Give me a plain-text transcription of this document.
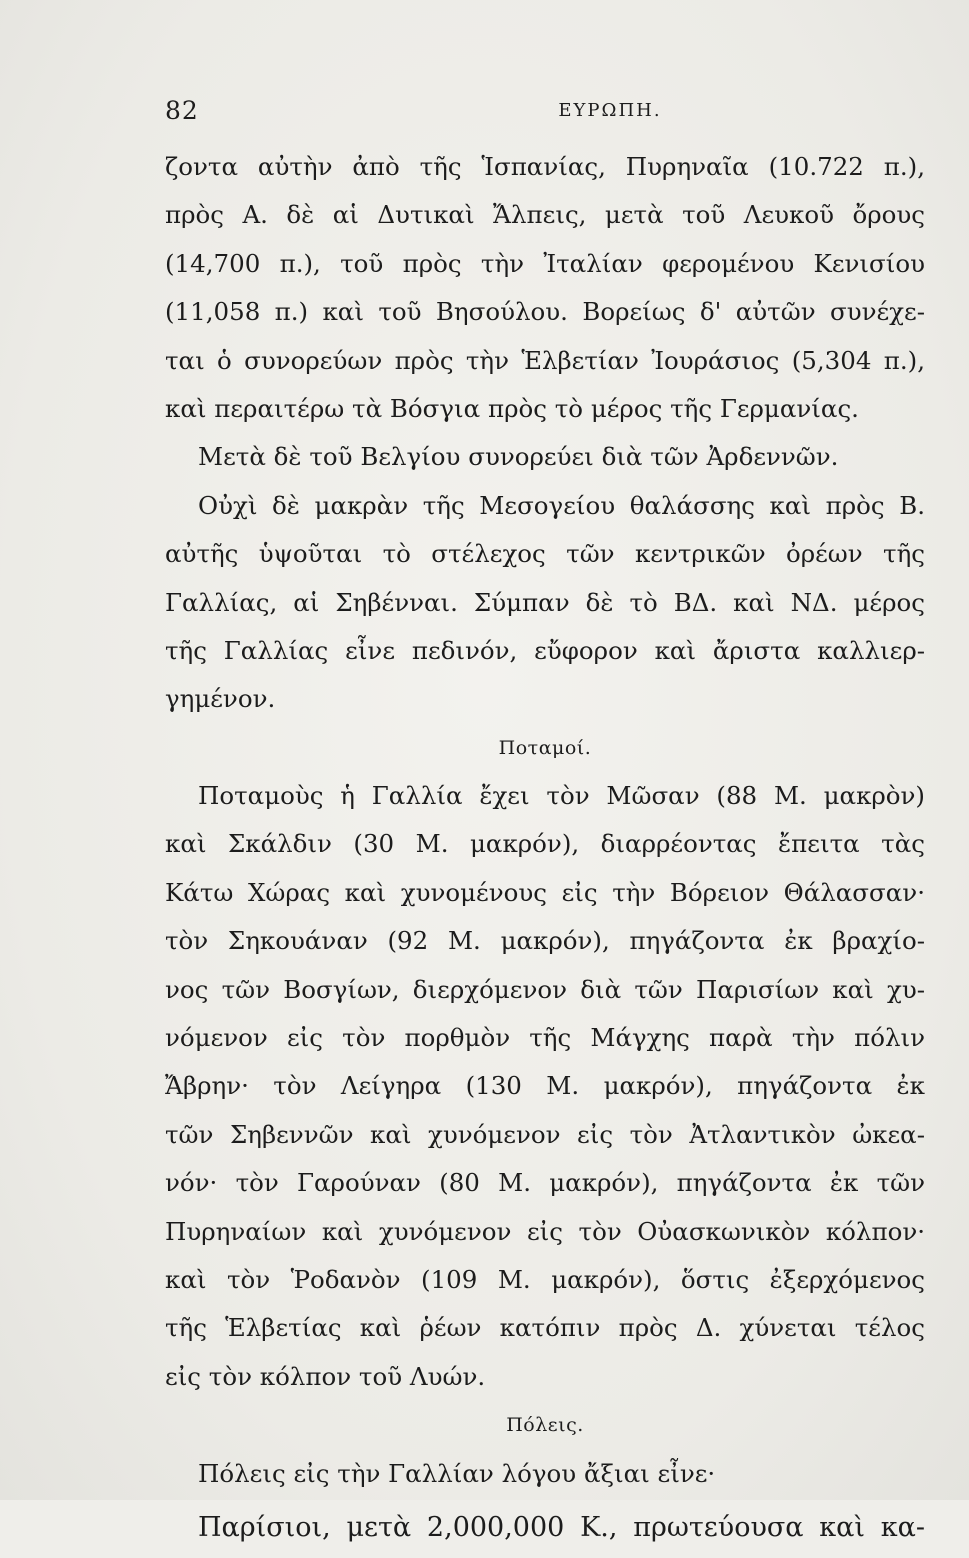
82	ΕΥΡΩΠΗ.
ζοντα αὐτὴν ἀπὸ τῆς Ἱσπανίας, Πυρηναῖα (10.722 π.),
πρὸς Α. δὲ αἱ Δυτικαὶ Ἄλπεις, μετὰ τοῦ Λευκοῦ ὄρους
(14,700 π.), τοῦ πρὸς τὴν Ἰταλίαν φερομένου Κενισίου
(11,058 π.) καὶ τοῦ Βησούλου. Βορείως δ' αὐτῶν συνέχε-
ται ὁ συνορεύων πρὸς τὴν Ἑλβετίαν Ἰουράσιος (5,304 π.),
καὶ περαιτέρω τὰ Βόσγια πρὸς τὸ μέρος τῆς Γερμανίας.
Μετὰ δὲ τοῦ Βελγίου συνορεύει διὰ τῶν Ἀρδεννῶν.
Οὐχὶ δὲ μακρὰν τῆς Μεσογείου θαλάσσης καὶ πρὸς Β.
αὐτῆς ὑψοῦται τὸ στέλεχος τῶν κεντρικῶν ὀρέων τῆς
Γαλλίας, αἱ Σηβένναι. Σύμπαν δὲ τὸ ΒΔ. καὶ ΝΔ. μέρος
τῆς Γαλλίας εἶνε πεδινόν, εὔφορον καὶ ἄριστα καλλιερ-
γημένον.
Ποταμοί.
Ποταμοὺς ἡ Γαλλία ἔχει τὸν Μῶσαν (88 Μ. μακρὸν)
καὶ Σκάλδιν (30 Μ. μακρόν), διαρρέοντας ἔπειτα τὰς
Κάτω Χώρας καὶ χυνομένους εἰς τὴν Βόρειον Θάλασσαν·
τὸν Σηκουάναν (92 Μ. μακρόν), πηγάζοντα ἐκ βραχίο-
νος τῶν Βοσγίων, διερχόμενον διὰ τῶν Παρισίων καὶ χυ-
νόμενον εἰς τὸν πορθμὸν τῆς Μάγχης παρὰ τὴν πόλιν
Ἄβρην· τὸν Λείγηρα (130 Μ. μακρόν), πηγάζοντα ἐκ
τῶν Σηβεννῶν καὶ χυνόμενον εἰς τὸν Ἀτλαντικὸν ὠκεα-
νόν· τὸν Γαρούναν (80 Μ. μακρόν), πηγάζοντα ἐκ τῶν
Πυρηναίων καὶ χυνόμενον εἰς τὸν Οὐασκωνικὸν κόλπον·
καὶ τὸν Ῥοδανὸν (109 Μ. μακρόν), ὅστις ἐξερχόμενος
τῆς Ἑλβετίας καὶ ῥέων κατόπιν πρὸς Δ. χύνεται τέλος
εἰς τὸν κόλπον τοῦ Λυών.
Πόλεις.
Πόλεις εἰς τὴν Γαλλίαν λόγου ἄξιαι εἶνε·
Παρίσιοι, μετὰ 2,000,000 Κ., πρωτεύουσα καὶ κα-
